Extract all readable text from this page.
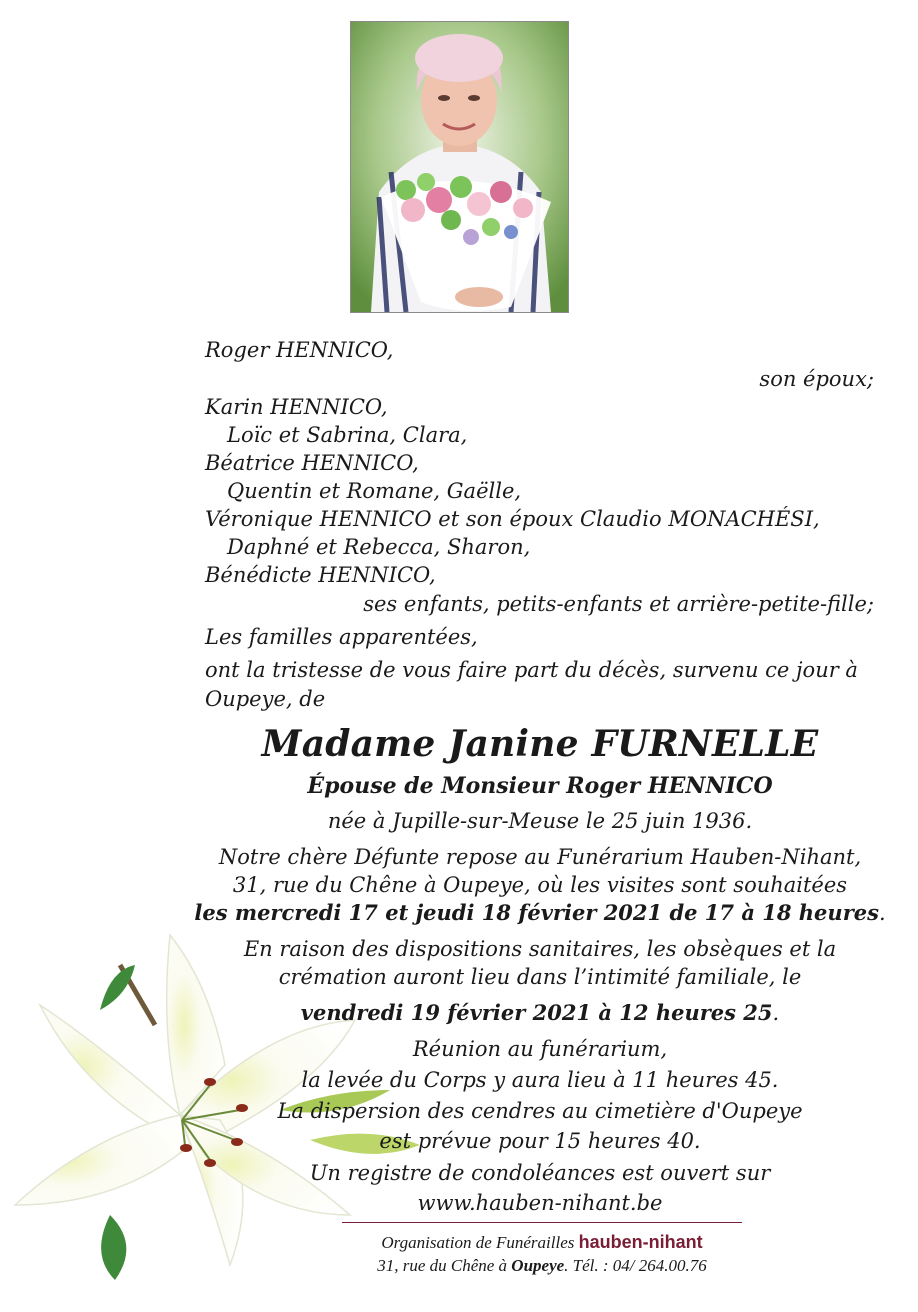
Roger HENNICO,
son époux;
Karin HENNICO,
Loïc et Sabrina, Clara,
Béatrice HENNICO,
Quentin et Romane, Gaëlle,
Véronique HENNICO et son époux Claudio MONACHÉSI,
Daphné et Rebecca, Sharon,
Bénédicte HENNICO,
ses enfants, petits-enfants et arrière-petite-fille;
Les familles apparentées,
ont la tristesse de vous faire part du décès, survenu ce jour à
Oupeye, de
Madame Janine FURNELLE
Épouse de Monsieur Roger HENNICO
née à Jupille-sur-Meuse le 25 juin 1936.
Notre chère Défunte repose au Funérarium Hauben-Nihant,
31, rue du Chêne à Oupeye, où les visites sont souhaitées
les mercredi 17 et jeudi 18 février 2021 de 17 à 18 heures.
En raison des dispositions sanitaires, les obsèques et la
crémation auront lieu dans l’intimité familiale, le
vendredi 19 février 2021 à 12 heures 25.
Réunion au funérarium,
la levée du Corps y aura lieu à 11 heures 45.
La dispersion des cendres au cimetière d'Oupeye
est prévue pour 15 heures 40.
Un registre de condoléances est ouvert sur
www.hauben-nihant.be
Organisation de Funérailles hauben-nihant
31, rue du Chêne à Oupeye. Tél. : 04/ 264.00.76
